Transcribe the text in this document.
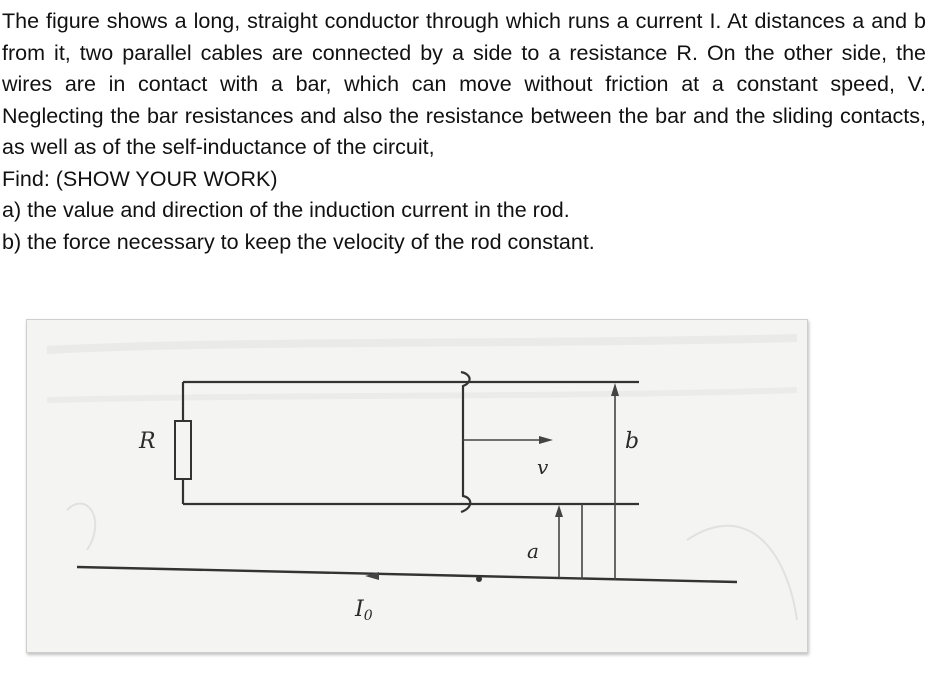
The figure shows a long, straight conductor through which runs a current I. At distances a and b from it, two parallel cables are connected by a side to a resistance R. On the other side, the wires are in contact with a bar, which can move without friction at a constant speed, V. Neglecting the bar resistances and also the resistance between the bar and the sliding contacts, as well as of the self-inductance of the circuit,

Find: (SHOW YOUR WORK)

a) the value and direction of the induction current in the rod.

b) the force necessary to keep the velocity of the rod constant.

R
v
I0
a
b
